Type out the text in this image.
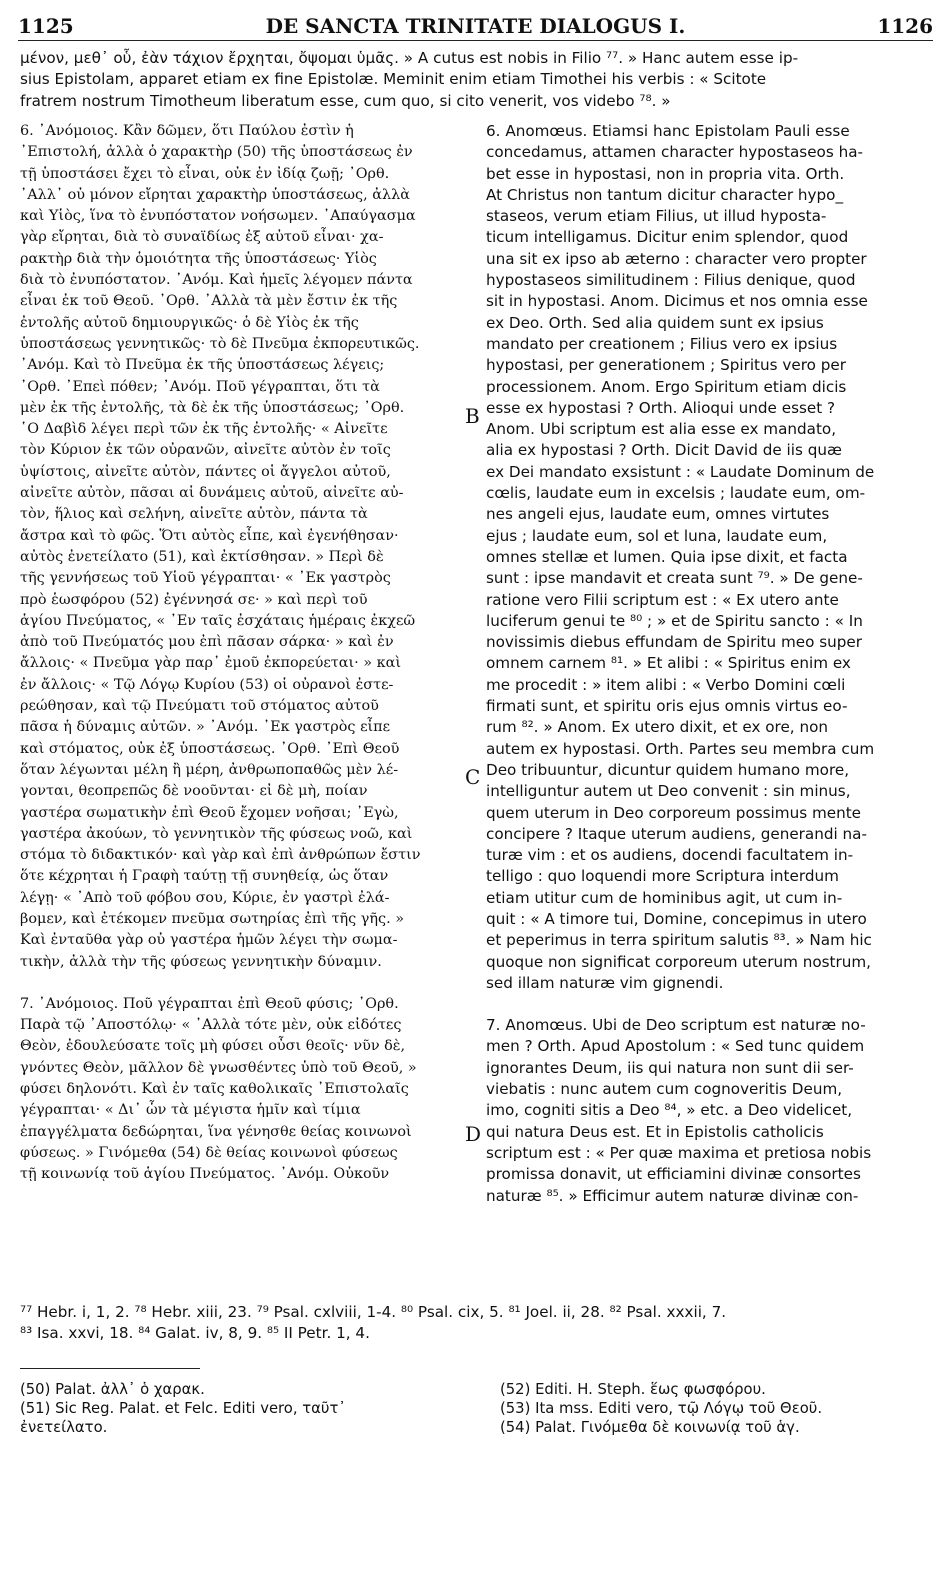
1125	DE SANCTA TRINITATE DIALOGUS I.	1126

μένον, μεθ᾽ οὗ, ἐὰν τάχιον ἔρχηται, ὄψομαι ὑμᾶς. » A cutus est nobis in Filio ⁷⁷. » Hanc autem esse ip-

sius Epistolam, apparet etiam ex fine Epistolæ. Meminit enim etiam Timothei his verbis : « Scitote

fratrem nostrum Timotheum liberatum esse, cum quo, si cito venerit, vos videbo ⁷⁸. »

6. ᾿Ανόμοιος. Κἂν δῶμεν, ὅτι Παύλου ἐστὶν ἡ

᾿Επιστολή, ἀλλὰ ὁ χαρακτὴρ (50) τῆς ὑποστάσεως ἐν

τῇ ὑποστάσει ἔχει τὸ εἶναι, οὐκ ἐν ἰδίᾳ ζωῇ; ᾿Ορθ.

᾿Αλλ᾽ οὐ μόνον εἴρηται χαρακτὴρ ὑποστάσεως, ἀλλὰ

καὶ Υἱὸς, ἵνα τὸ ἐνυπόστατον νοήσωμεν. ᾿Απαύγασμα

γὰρ εἴρηται, διὰ τὸ συναϊδίως ἐξ αὐτοῦ εἶναι· χα-

ρακτὴρ διὰ τὴν ὁμοιότητα τῆς ὑποστάσεως· Υἱὸς

διὰ τὸ ἐνυπόστατον. ᾿Ανόμ. Καὶ ἡμεῖς λέγομεν πάντα

εἶναι ἐκ τοῦ Θεοῦ. ᾿Ορθ. ᾿Αλλὰ τὰ μὲν ἔστιν ἐκ τῆς

ἐντολῆς αὐτοῦ δημιουργικῶς· ὁ δὲ Υἱὸς ἐκ τῆς

ὑποστάσεως γεννητικῶς· τὸ δὲ Πνεῦμα ἐκπορευτικῶς.

᾿Ανόμ. Καὶ τὸ Πνεῦμα ἐκ τῆς ὑποστάσεως λέγεις;

᾿Ορθ. ᾿Επεὶ πόθεν; ᾿Ανόμ. Ποῦ γέγραπται, ὅτι τὰ

μὲν ἐκ τῆς ἐντολῆς, τὰ δὲ ἐκ τῆς ὑποστάσεως; ᾿Ορθ.

῾Ο Δαβὶδ λέγει περὶ τῶν ἐκ τῆς ἐντολῆς· « Αἰνεῖτε

τὸν Κύριον ἐκ τῶν οὐρανῶν, αἰνεῖτε αὐτὸν ἐν τοῖς

ὑψίστοις, αἰνεῖτε αὐτὸν, πάντες οἱ ἄγγελοι αὐτοῦ,

αἰνεῖτε αὐτὸν, πᾶσαι αἱ δυνάμεις αὐτοῦ, αἰνεῖτε αὐ-

τὸν, ἥλιος καὶ σελήνη, αἰνεῖτε αὐτὸν, πάντα τὰ

ἄστρα καὶ τὸ φῶς. Ὅτι αὐτὸς εἶπε, καὶ ἐγενήθησαν·

αὐτὸς ἐνετείλατο (51), καὶ ἐκτίσθησαν. » Περὶ δὲ

τῆς γεννήσεως τοῦ Υἱοῦ γέγραπται· « ᾿Εκ γαστρὸς

πρὸ ἑωσφόρου (52) ἐγέννησά σε· » καὶ περὶ τοῦ

ἁγίου Πνεύματος, « ᾿Εν ταῖς ἐσχάταις ἡμέραις ἐκχεῶ

ἀπὸ τοῦ Πνεύματός μου ἐπὶ πᾶσαν σάρκα· » καὶ ἐν

ἄλλοις· « Πνεῦμα γὰρ παρ᾽ ἐμοῦ ἐκπορεύεται· » καὶ

ἐν ἄλλοις· « Τῷ Λόγῳ Κυρίου (53) οἱ οὐρανοὶ ἐστε-

ρεώθησαν, καὶ τῷ Πνεύματι τοῦ στόματος αὐτοῦ

πᾶσα ἡ δύναμις αὐτῶν. » ᾿Ανόμ. ᾿Εκ γαστρὸς εἶπε

καὶ στόματος, οὐκ ἐξ ὑποστάσεως. ᾿Ορθ. ᾿Επὶ Θεοῦ

ὅταν λέγωνται μέλη ἢ μέρη, ἀνθρωποπαθῶς μὲν λέ-

γονται, θεοπρεπῶς δὲ νοοῦνται· εἰ δὲ μὴ, ποίαν

γαστέρα σωματικὴν ἐπὶ Θεοῦ ἔχομεν νοῆσαι; ᾿Εγὼ,

γαστέρα ἀκούων, τὸ γεννητικὸν τῆς φύσεως νοῶ, καὶ

στόμα τὸ διδακτικόν· καὶ γὰρ καὶ ἐπὶ ἀνθρώπων ἔστιν

ὅτε κέχρηται ἡ Γραφὴ ταύτῃ τῇ συνηθείᾳ, ὡς ὅταν

λέγῃ· « ᾿Απὸ τοῦ φόβου σου, Κύριε, ἐν γαστρὶ ἐλά-

βομεν, καὶ ἐτέκομεν πνεῦμα σωτηρίας ἐπὶ τῆς γῆς. »

Καὶ ἐνταῦθα γὰρ οὐ γαστέρα ἡμῶν λέγει τὴν σωμα-

τικὴν, ἀλλὰ τὴν τῆς φύσεως γεννητικὴν δύναμιν.

7. ᾿Ανόμοιος. Ποῦ γέγραπται ἐπὶ Θεοῦ φύσις; ᾿Ορθ.

Παρὰ τῷ ᾿Αποστόλῳ· « ᾿Αλλὰ τότε μὲν, οὐκ εἰδότες

Θεὸν, ἐδουλεύσατε τοῖς μὴ φύσει οὖσι θεοῖς· νῦν δὲ,

γνόντες Θεὸν, μᾶλλον δὲ γνωσθέντες ὑπὸ τοῦ Θεοῦ, »

φύσει δηλονότι. Καὶ ἐν ταῖς καθολικαῖς ᾿Επιστολαῖς

γέγραπται· « Δι᾽ ὧν τὰ μέγιστα ἡμῖν καὶ τίμια

ἐπαγγέλματα δεδώρηται, ἵνα γένησθε θείας κοινωνοὶ

φύσεως. » Γινόμεθα (54) δὲ θείας κοινωνοὶ φύσεως

τῇ κοινωνίᾳ τοῦ ἁγίου Πνεύματος. ᾿Ανόμ. Οὐκοῦν

6. Anomœus. Etiamsi hanc Epistolam Pauli esse

concedamus, attamen character hypostaseos ha-

bet esse in hypostasi, non in propria vita. Orth.

At Christus non tantum dicitur character hypo_

staseos, verum etiam Filius, ut illud hyposta-

ticum intelligamus. Dicitur enim splendor, quod

una sit ex ipso ab æterno : character vero propter

hypostaseos similitudinem : Filius denique, quod

sit in hypostasi. Anom. Dicimus et nos omnia esse

ex Deo. Orth. Sed alia quidem sunt ex ipsius

mandato per creationem ; Filius vero ex ipsius

hypostasi, per generationem ; Spiritus vero per

processionem. Anom. Ergo Spiritum etiam dicis

esse ex hypostasi ? Orth. Alioqui unde esset ?

Anom. Ubi scriptum est alia esse ex mandato,

alia ex hypostasi ? Orth. Dicit David de iis quæ

ex Dei mandato exsistunt : « Laudate Dominum de

cœlis, laudate eum in excelsis ; laudate eum, om-

nes angeli ejus, laudate eum, omnes virtutes

ejus ; laudate eum, sol et luna, laudate eum,

omnes stellæ et lumen. Quia ipse dixit, et facta

sunt : ipse mandavit et creata sunt ⁷⁹. » De gene-

ratione vero Filii scriptum est : « Ex utero ante

luciferum genui te ⁸⁰ ; » et de Spiritu sancto : « In

novissimis diebus effundam de Spiritu meo super

omnem carnem ⁸¹. » Et alibi : « Spiritus enim ex

me procedit : » item alibi : « Verbo Domini cœli

firmati sunt, et spiritu oris ejus omnis virtus eo-

rum ⁸². » Anom. Ex utero dixit, et ex ore, non

autem ex hypostasi. Orth. Partes seu membra cum

Deo tribuuntur, dicuntur quidem humano more,

intelliguntur autem ut Deo convenit : sin minus,

quem uterum in Deo corporeum possimus mente

concipere ? Itaque uterum audiens, generandi na-

turæ vim : et os audiens, docendi facultatem in-

telligo : quo loquendi more Scriptura interdum

etiam utitur cum de hominibus agit, ut cum in-

quit : « A timore tui, Domine, concepimus in utero

et peperimus in terra spiritum salutis ⁸³. » Nam hic

quoque non significat corporeum uterum nostrum,

sed illam naturæ vim gignendi.

7. Anomœus. Ubi de Deo scriptum est naturæ no-

men ? Orth. Apud Apostolum : « Sed tunc quidem

ignorantes Deum, iis qui natura non sunt dii ser-

viebatis : nunc autem cum cognoveritis Deum,

imo, cogniti sitis a Deo ⁸⁴, » etc. a Deo videlicet,

qui natura Deus est. Et in Epistolis catholicis

scriptum est : « Per quæ maxima et pretiosa nobis

promissa donavit, ut efficiamini divinæ consortes

naturæ ⁸⁵. » Efficimur autem naturæ divinæ con-

B
C
D

⁷⁷ Hebr. i, 1, 2. ⁷⁸ Hebr. xiii, 23. ⁷⁹ Psal. cxlviii, 1-4. ⁸⁰ Psal. cix, 5. ⁸¹ Joel. ii, 28. ⁸² Psal. xxxii, 7.

⁸³ Isa. xxvi, 18. ⁸⁴ Galat. iv, 8, 9. ⁸⁵ II Petr. 1, 4.

(50) Palat. ἀλλ᾽ ὁ χαρακ.

(51) Sic Reg. Palat. et Felc. Editi vero, ταῦτ᾽

ἐνετείλατο.

(52) Editi. H. Steph. ἕως φωσφόρου.

(53) Ita mss. Editi vero, τῷ Λόγῳ τοῦ Θεοῦ.

(54) Palat. Γινόμεθα δὲ κοινωνίᾳ τοῦ ἁγ.
